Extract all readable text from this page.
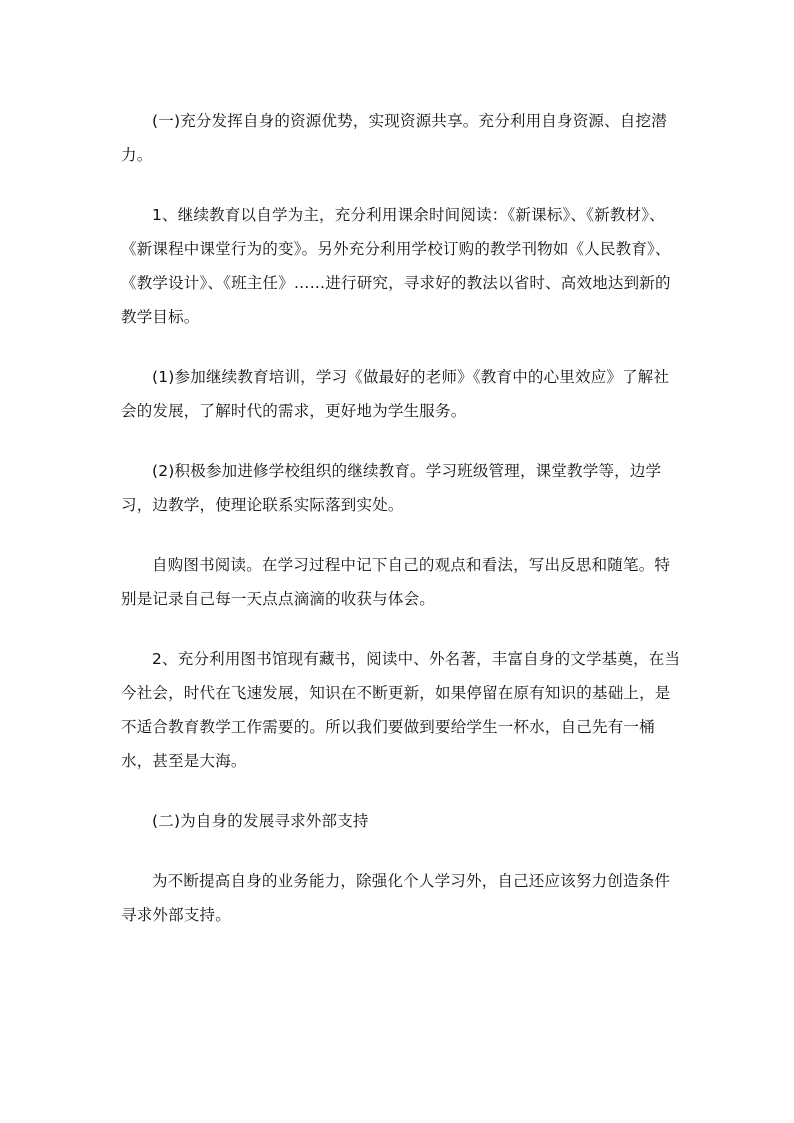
(一)充分发挥自身的资源优势，实现资源共享。充分利用自身资源、自挖潜力。

1、继续教育以自学为主，充分利用课余时间阅读：《新课标》、《新教材》、《新课程中课堂行为的变》。另外充分利用学校订购的教学刊物如《人民教育》、《教学设计》、《班主任》……进行研究，寻求好的教法以省时、高效地达到新的教学目标。

(1)参加继续教育培训，学习《做最好的老师》《教育中的心里效应》了解社会的发展，了解时代的需求，更好地为学生服务。

(2)积极参加进修学校组织的继续教育。学习班级管理，课堂教学等，边学习，边教学，使理论联系实际落到实处。

自购图书阅读。在学习过程中记下自己的观点和看法，写出反思和随笔。特别是记录自己每一天点点滴滴的收获与体会。

2、充分利用图书馆现有藏书，阅读中、外名著，丰富自身的文学基奠，在当今社会，时代在飞速发展，知识在不断更新，如果停留在原有知识的基础上，是不适合教育教学工作需要的。所以我们要做到要给学生一杯水，自己先有一桶水，甚至是大海。

(二)为自身的发展寻求外部支持

为不断提高自身的业务能力，除强化个人学习外，自己还应该努力创造条件寻求外部支持。
